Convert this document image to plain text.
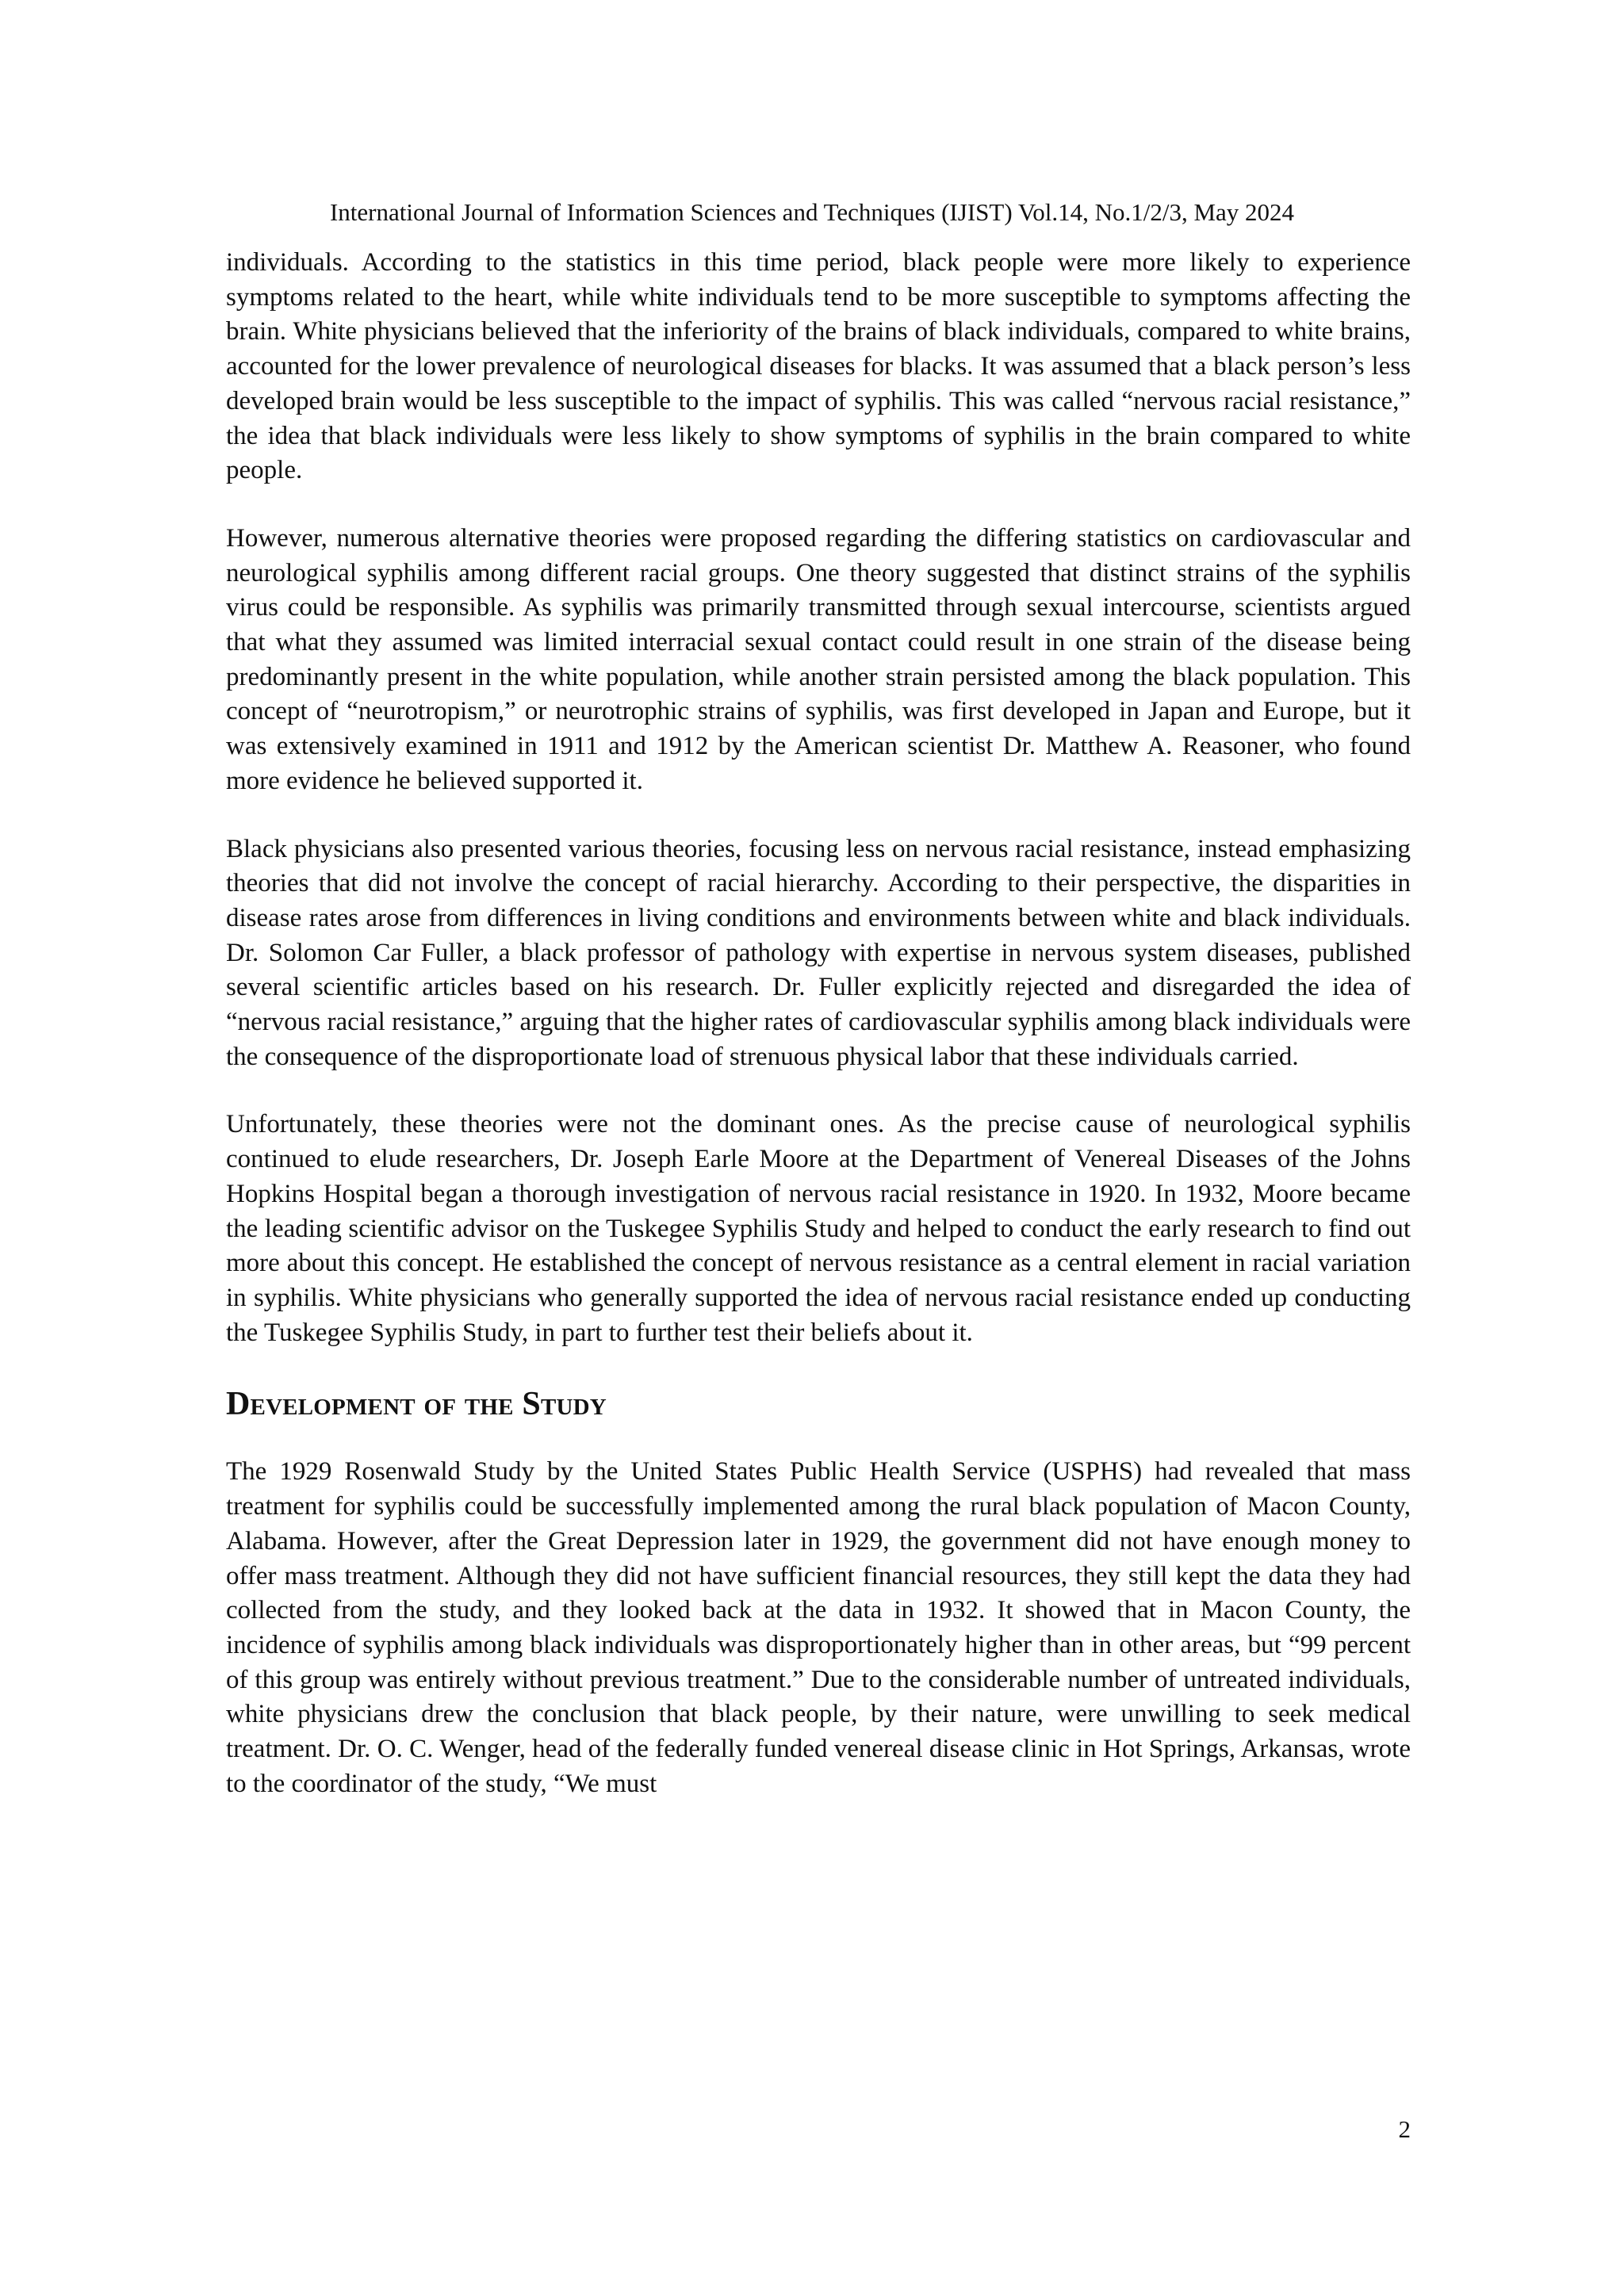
International Journal of Information Sciences and Techniques (IJIST) Vol.14, No.1/2/3, May 2024

individuals. According to the statistics in this time period, black people were more likely to experience symptoms related to the heart, while white individuals tend to be more susceptible to symptoms affecting the brain. White physicians believed that the inferiority of the brains of black individuals, compared to white brains, accounted for the lower prevalence of neurological diseases for blacks. It was assumed that a black person’s less developed brain would be less susceptible to the impact of syphilis. This was called “nervous racial resistance,” the idea that black individuals were less likely to show symptoms of syphilis in the brain compared to white people.

However, numerous alternative theories were proposed regarding the differing statistics on cardiovascular and neurological syphilis among different racial groups. One theory suggested that distinct strains of the syphilis virus could be responsible. As syphilis was primarily transmitted through sexual intercourse, scientists argued that what they assumed was limited interracial sexual contact could result in one strain of the disease being predominantly present in the white population, while another strain persisted among the black population. This concept of “neurotropism,” or neurotrophic strains of syphilis, was first developed in Japan and Europe, but it was extensively examined in 1911 and 1912 by the American scientist Dr. Matthew A. Reasoner, who found more evidence he believed supported it.

Black physicians also presented various theories, focusing less on nervous racial resistance, instead emphasizing theories that did not involve the concept of racial hierarchy. According to their perspective, the disparities in disease rates arose from differences in living conditions and environments between white and black individuals. Dr. Solomon Car Fuller, a black professor of pathology with expertise in nervous system diseases, published several scientific articles based on his research. Dr. Fuller explicitly rejected and disregarded the idea of “nervous racial resistance,” arguing that the higher rates of cardiovascular syphilis among black individuals were the consequence of the disproportionate load of strenuous physical labor that these individuals carried.

Unfortunately, these theories were not the dominant ones. As the precise cause of neurological syphilis continued to elude researchers, Dr. Joseph Earle Moore at the Department of Venereal Diseases of the Johns Hopkins Hospital began a thorough investigation of nervous racial resistance in 1920. In 1932, Moore became the leading scientific advisor on the Tuskegee Syphilis Study and helped to conduct the early research to find out more about this concept. He established the concept of nervous resistance as a central element in racial variation in syphilis. White physicians who generally supported the idea of nervous racial resistance ended up conducting the Tuskegee Syphilis Study, in part to further test their beliefs about it.

Development of the Study

The 1929 Rosenwald Study by the United States Public Health Service (USPHS) had revealed that mass treatment for syphilis could be successfully implemented among the rural black population of Macon County, Alabama. However, after the Great Depression later in 1929, the government did not have enough money to offer mass treatment. Although they did not have sufficient financial resources, they still kept the data they had collected from the study, and they looked back at the data in 1932. It showed that in Macon County, the incidence of syphilis among black individuals was disproportionately higher than in other areas, but “99 percent of this group was entirely without previous treatment.” Due to the considerable number of untreated individuals, white physicians drew the conclusion that black people, by their nature, were unwilling to seek medical treatment. Dr. O. C. Wenger, head of the federally funded venereal disease clinic in Hot Springs, Arkansas, wrote to the coordinator of the study, “We must

2
